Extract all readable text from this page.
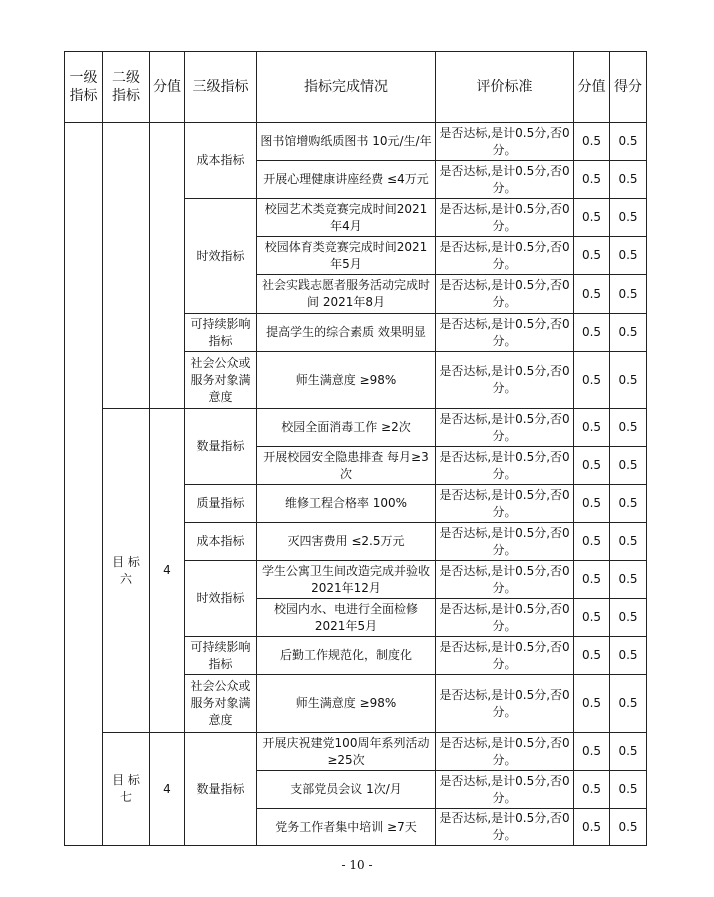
一级指标	二级指标	分值	三级指标	指标完成情况	评价标准	分值	得分
			成本指标	图书馆增购纸质图书 10元/生/年	是否达标,是计0.5分,否0分。	0.5	0.5
				开展心理健康讲座经费 ≤4万元	是否达标,是计0.5分,否0分。	0.5	0.5
			时效指标	校园艺术类竞赛完成时间2021年4月	是否达标,是计0.5分,否0分。	0.5	0.5
				校园体育类竞赛完成时间2021年5月	是否达标,是计0.5分,否0分。	0.5	0.5
				社会实践志愿者服务活动完成时间 2021年8月	是否达标,是计0.5分,否0分。	0.5	0.5
			可持续影响指标	提高学生的综合素质 效果明显	是否达标,是计0.5分,否0分。	0.5	0.5
			社会公众或服务对象满意度	师生满意度 ≥98%	是否达标,是计0.5分,否0分。	0.5	0.5
	目 标 六	4	数量指标	校园全面消毒工作 ≥2次	是否达标,是计0.5分,否0分。	0.5	0.5
				开展校园安全隐患排查 每月≥3次	是否达标,是计0.5分,否0分。	0.5	0.5
			质量指标	维修工程合格率 100%	是否达标,是计0.5分,否0分。	0.5	0.5
			成本指标	灭四害费用 ≤2.5万元	是否达标,是计0.5分,否0分。	0.5	0.5
			时效指标	学生公寓卫生间改造完成并验收 2021年12月	是否达标,是计0.5分,否0分。	0.5	0.5
				校园内水、电进行全面检修 2021年5月	是否达标,是计0.5分,否0分。	0.5	0.5
			可持续影响指标	后勤工作规范化，制度化	是否达标,是计0.5分,否0分。	0.5	0.5
			社会公众或服务对象满意度	师生满意度 ≥98%	是否达标,是计0.5分,否0分。	0.5	0.5
	目 标 七	4	数量指标	开展庆祝建党100周年系列活动 ≥25次	是否达标,是计0.5分,否0分。	0.5	0.5
				支部党员会议 1次/月	是否达标,是计0.5分,否0分。	0.5	0.5
				党务工作者集中培训 ≥7天	是否达标,是计0.5分,否0分。	0.5	0.5
- 10 -
